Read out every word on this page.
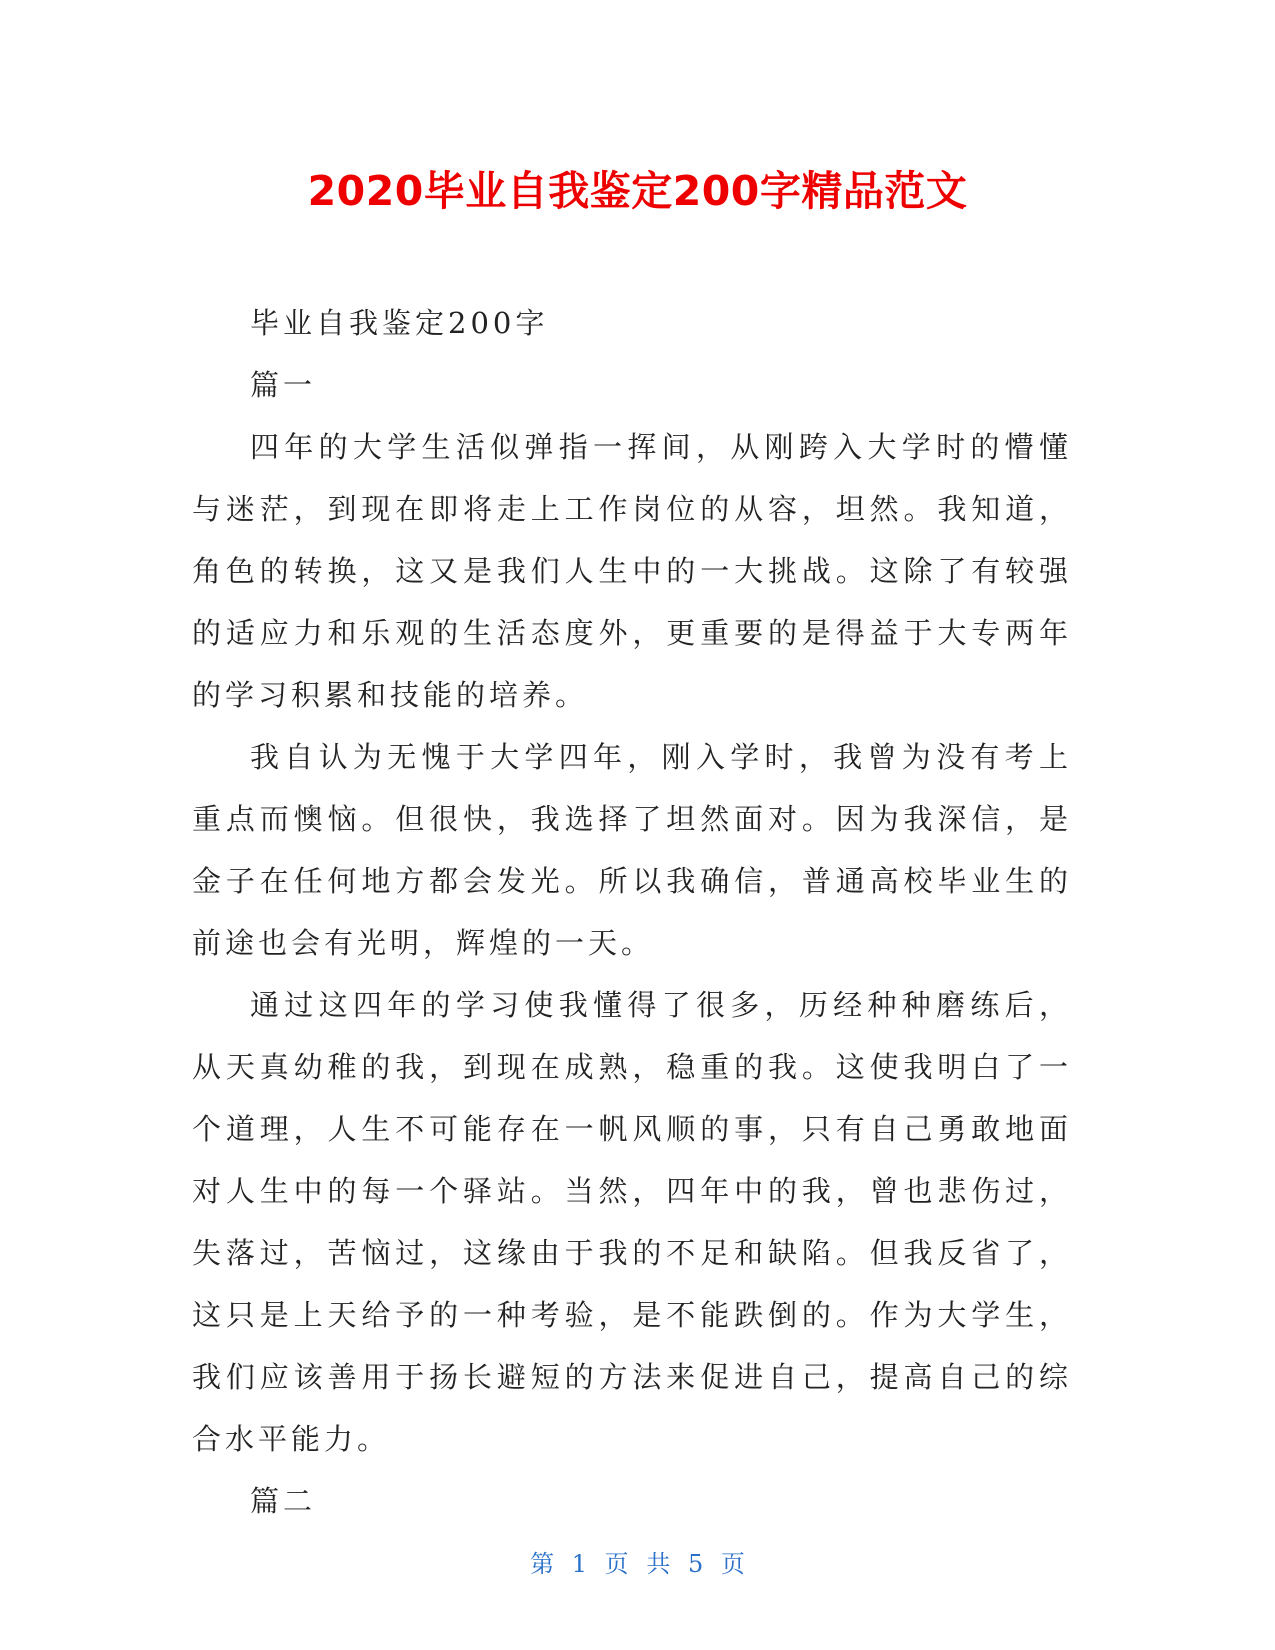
2020毕业自我鉴定200字精品范文

毕业自我鉴定200字

篇一

四年的大学生活似弹指一挥间，从刚跨入大学时的懵懂与迷茫，到现在即将走上工作岗位的从容，坦然。我知道，角色的转换，这又是我们人生中的一大挑战。这除了有较强的适应力和乐观的生活态度外，更重要的是得益于大专两年的学习积累和技能的培养。

我自认为无愧于大学四年，刚入学时，我曾为没有考上重点而懊恼。但很快，我选择了坦然面对。因为我深信，是金子在任何地方都会发光。所以我确信，普通高校毕业生的前途也会有光明，辉煌的一天。

通过这四年的学习使我懂得了很多，历经种种磨练后，从天真幼稚的我，到现在成熟，稳重的我。这使我明白了一个道理，人生不可能存在一帆风顺的事，只有自己勇敢地面对人生中的每一个驿站。当然，四年中的我，曾也悲伤过，失落过，苦恼过，这缘由于我的不足和缺陷。但我反省了，这只是上天给予的一种考验，是不能跌倒的。作为大学生，我们应该善用于扬长避短的方法来促进自己，提高自己的综合水平能力。

篇二

第 1 页 共 5 页
